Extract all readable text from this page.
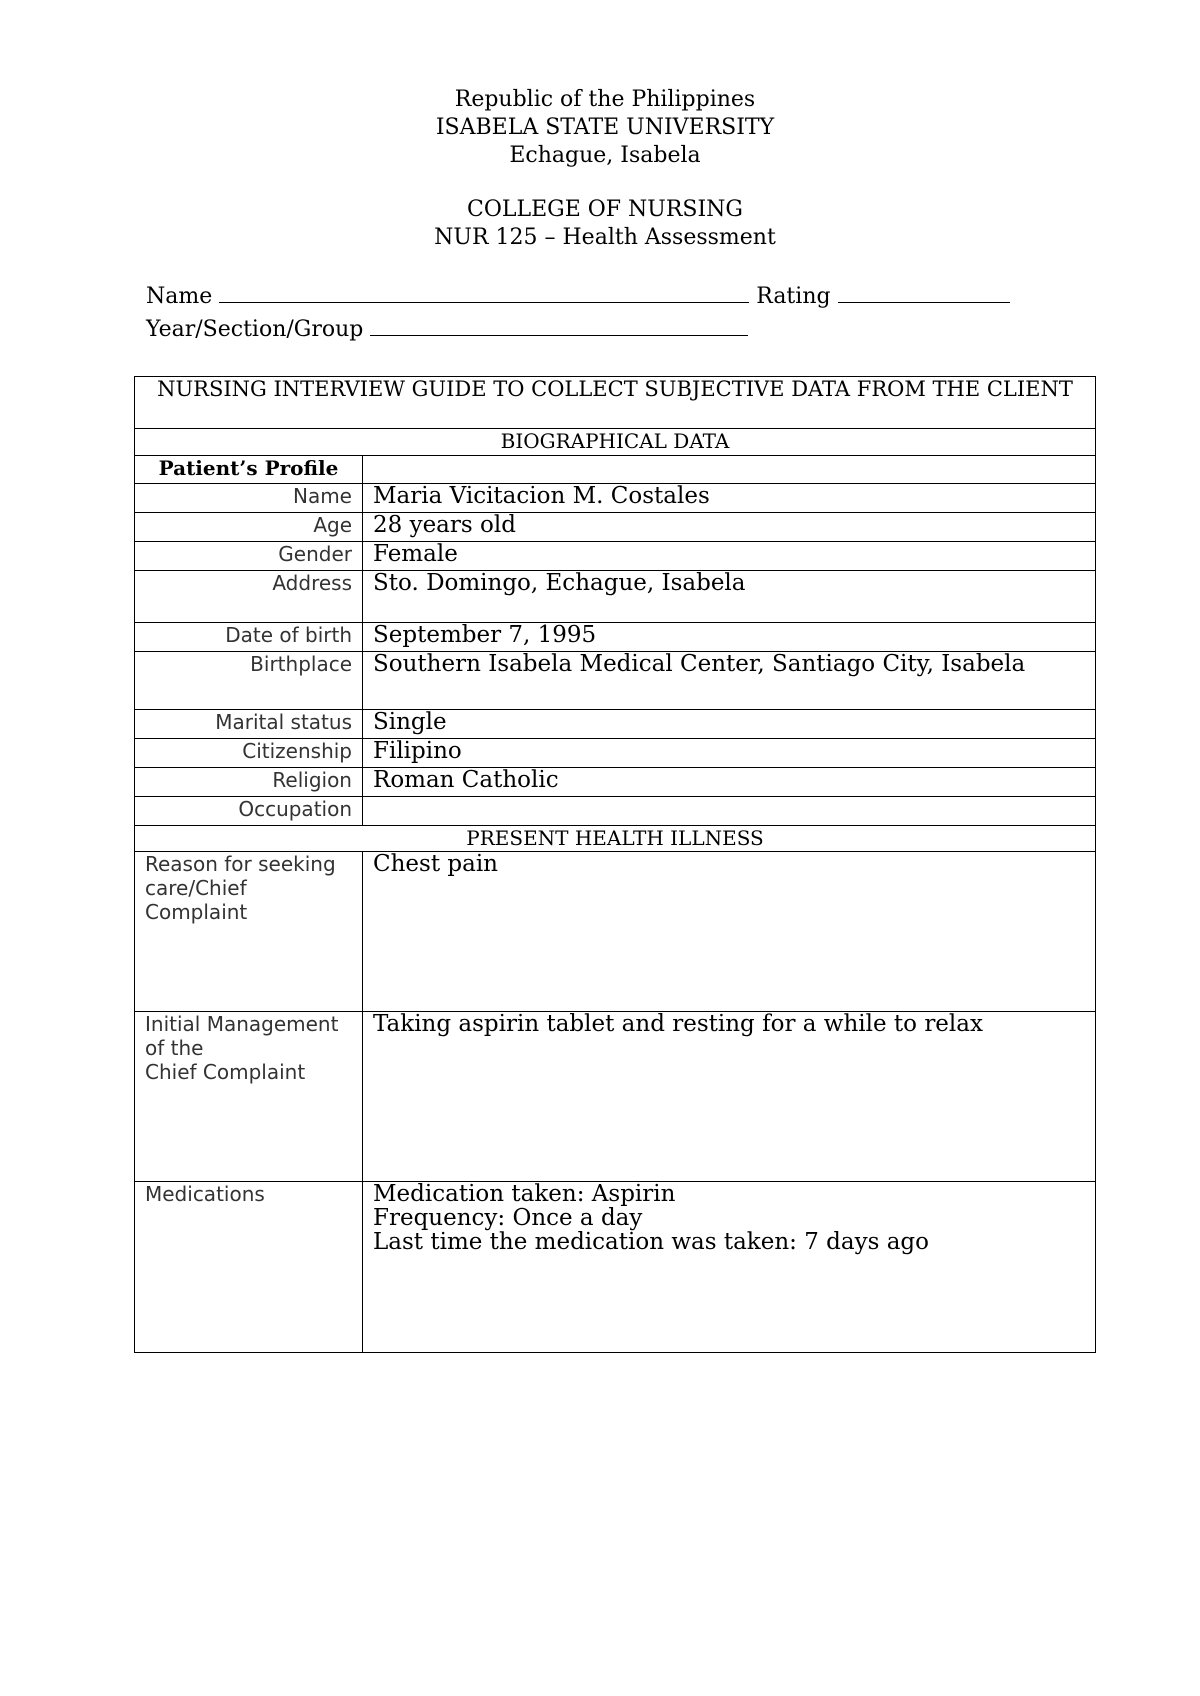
Republic of the Philippines
ISABELA STATE UNIVERSITY
Echague, Isabela
COLLEGE OF NURSING
NUR 125 – Health Assessment
Name	Rating
Year/Section/Group
NURSING INTERVIEW GUIDE TO COLLECT SUBJECTIVE DATA FROM THE CLIENT	
BIOGRAPHICAL DATA	
Patient’s Profile	
Name	Maria Vicitacion M. Costales
Age	28 years old
Gender	Female
Address	Sto. Domingo, Echague, Isabela
Date of birth	September 7, 1995
Birthplace	Southern Isabela Medical Center, Santiago City, Isabela
Marital status	Single
Citizenship	Filipino
Religion	Roman Catholic
Occupation	
PRESENT HEALTH ILLNESS	
Reason for seeking care/Chief Complaint	Chest pain

Initial Management of the
Chief Complaint	Taking aspirin tablet and resting for a while to relax
Medications	Medication taken: Aspirin
Frequency: Once a day
Last time the medication was taken: 7 days ago
